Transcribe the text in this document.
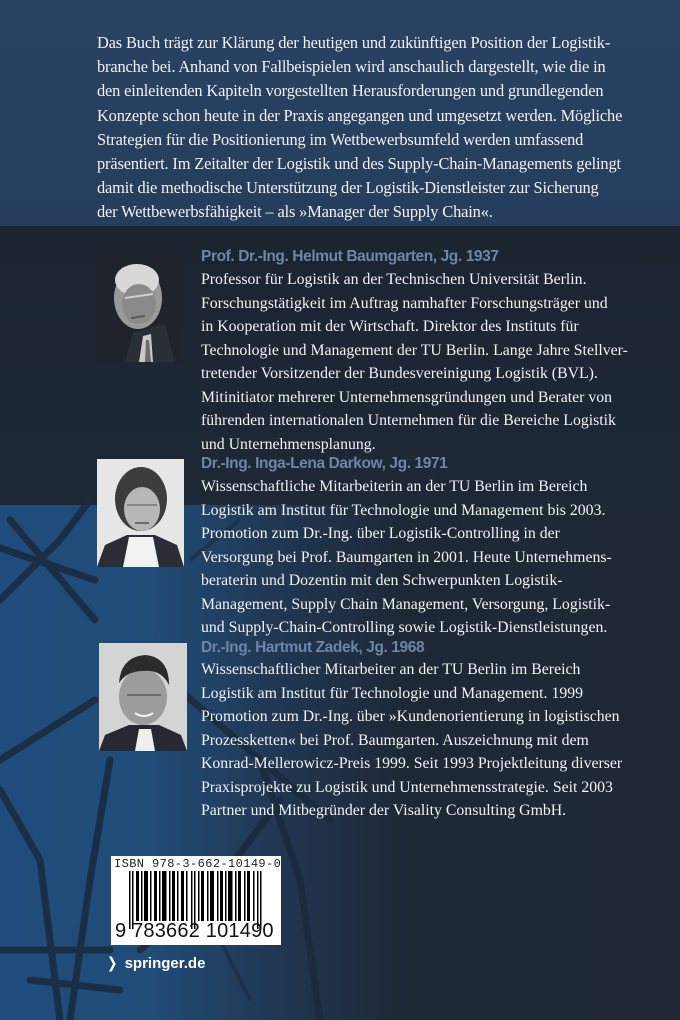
Das Buch trägt zur Klärung der heutigen und zukünftigen Position der Logistik-
branche bei. Anhand von Fallbeispielen wird anschaulich dargestellt, wie die in
den einleitenden Kapiteln vorgestellten Herausforderungen und grundlegenden
Konzepte schon heute in der Praxis angegangen und umgesetzt werden. Mögliche
Strategien für die Positionierung im Wettbewerbsumfeld werden umfassend
präsentiert. Im Zeitalter der Logistik und des Supply-Chain-Managements gelingt
damit die methodische Unterstützung der Logistik-Dienstleister zur Sicherung
der Wettbewerbsfähigkeit – als »Manager der Supply Chain«.
Prof. Dr.-Ing. Helmut Baumgarten, Jg. 1937
Professor für Logistik an der Technischen Universität Berlin.
Forschungstätigkeit im Auftrag namhafter Forschungsträger und
in Kooperation mit der Wirtschaft. Direktor des Instituts für
Technologie und Management der TU Berlin. Lange Jahre Stellver-
tretender Vorsitzender der Bundesvereinigung Logistik (BVL).
Mitinitiator mehrerer Unternehmensgründungen und Berater von
führenden internationalen Unternehmen für die Bereiche Logistik
und Unternehmensplanung.
Dr.-Ing. Inga-Lena Darkow, Jg. 1971
Wissenschaftliche Mitarbeiterin an der TU Berlin im Bereich
Logistik am Institut für Technologie und Management bis 2003.
Promotion zum Dr.-Ing. über Logistik-Controlling in der
Versorgung bei Prof. Baumgarten in 2001. Heute Unternehmens-
beraterin und Dozentin mit den Schwerpunkten Logistik-
Management, Supply Chain Management, Versorgung, Logistik-
und Supply-Chain-Controlling sowie Logistik-Dienstleistungen.
Dr.-Ing. Hartmut Zadek, Jg. 1968
Wissenschaftlicher Mitarbeiter an der TU Berlin im Bereich
Logistik am Institut für Technologie und Management. 1999
Promotion zum Dr.-Ing. über »Kundenorientierung in logistischen
Prozessketten« bei Prof. Baumgarten. Auszeichnung mit dem
Konrad-Mellerowicz-Preis 1999. Seit 1993 Projektleitung diverser
Praxisprojekte zu Logistik und Unternehmensstrategie. Seit 2003
Partner und Mitbegründer der Visality Consulting GmbH.
ISBN 978-3-662-10149-0
9 783662 101490
❯ springer.de
